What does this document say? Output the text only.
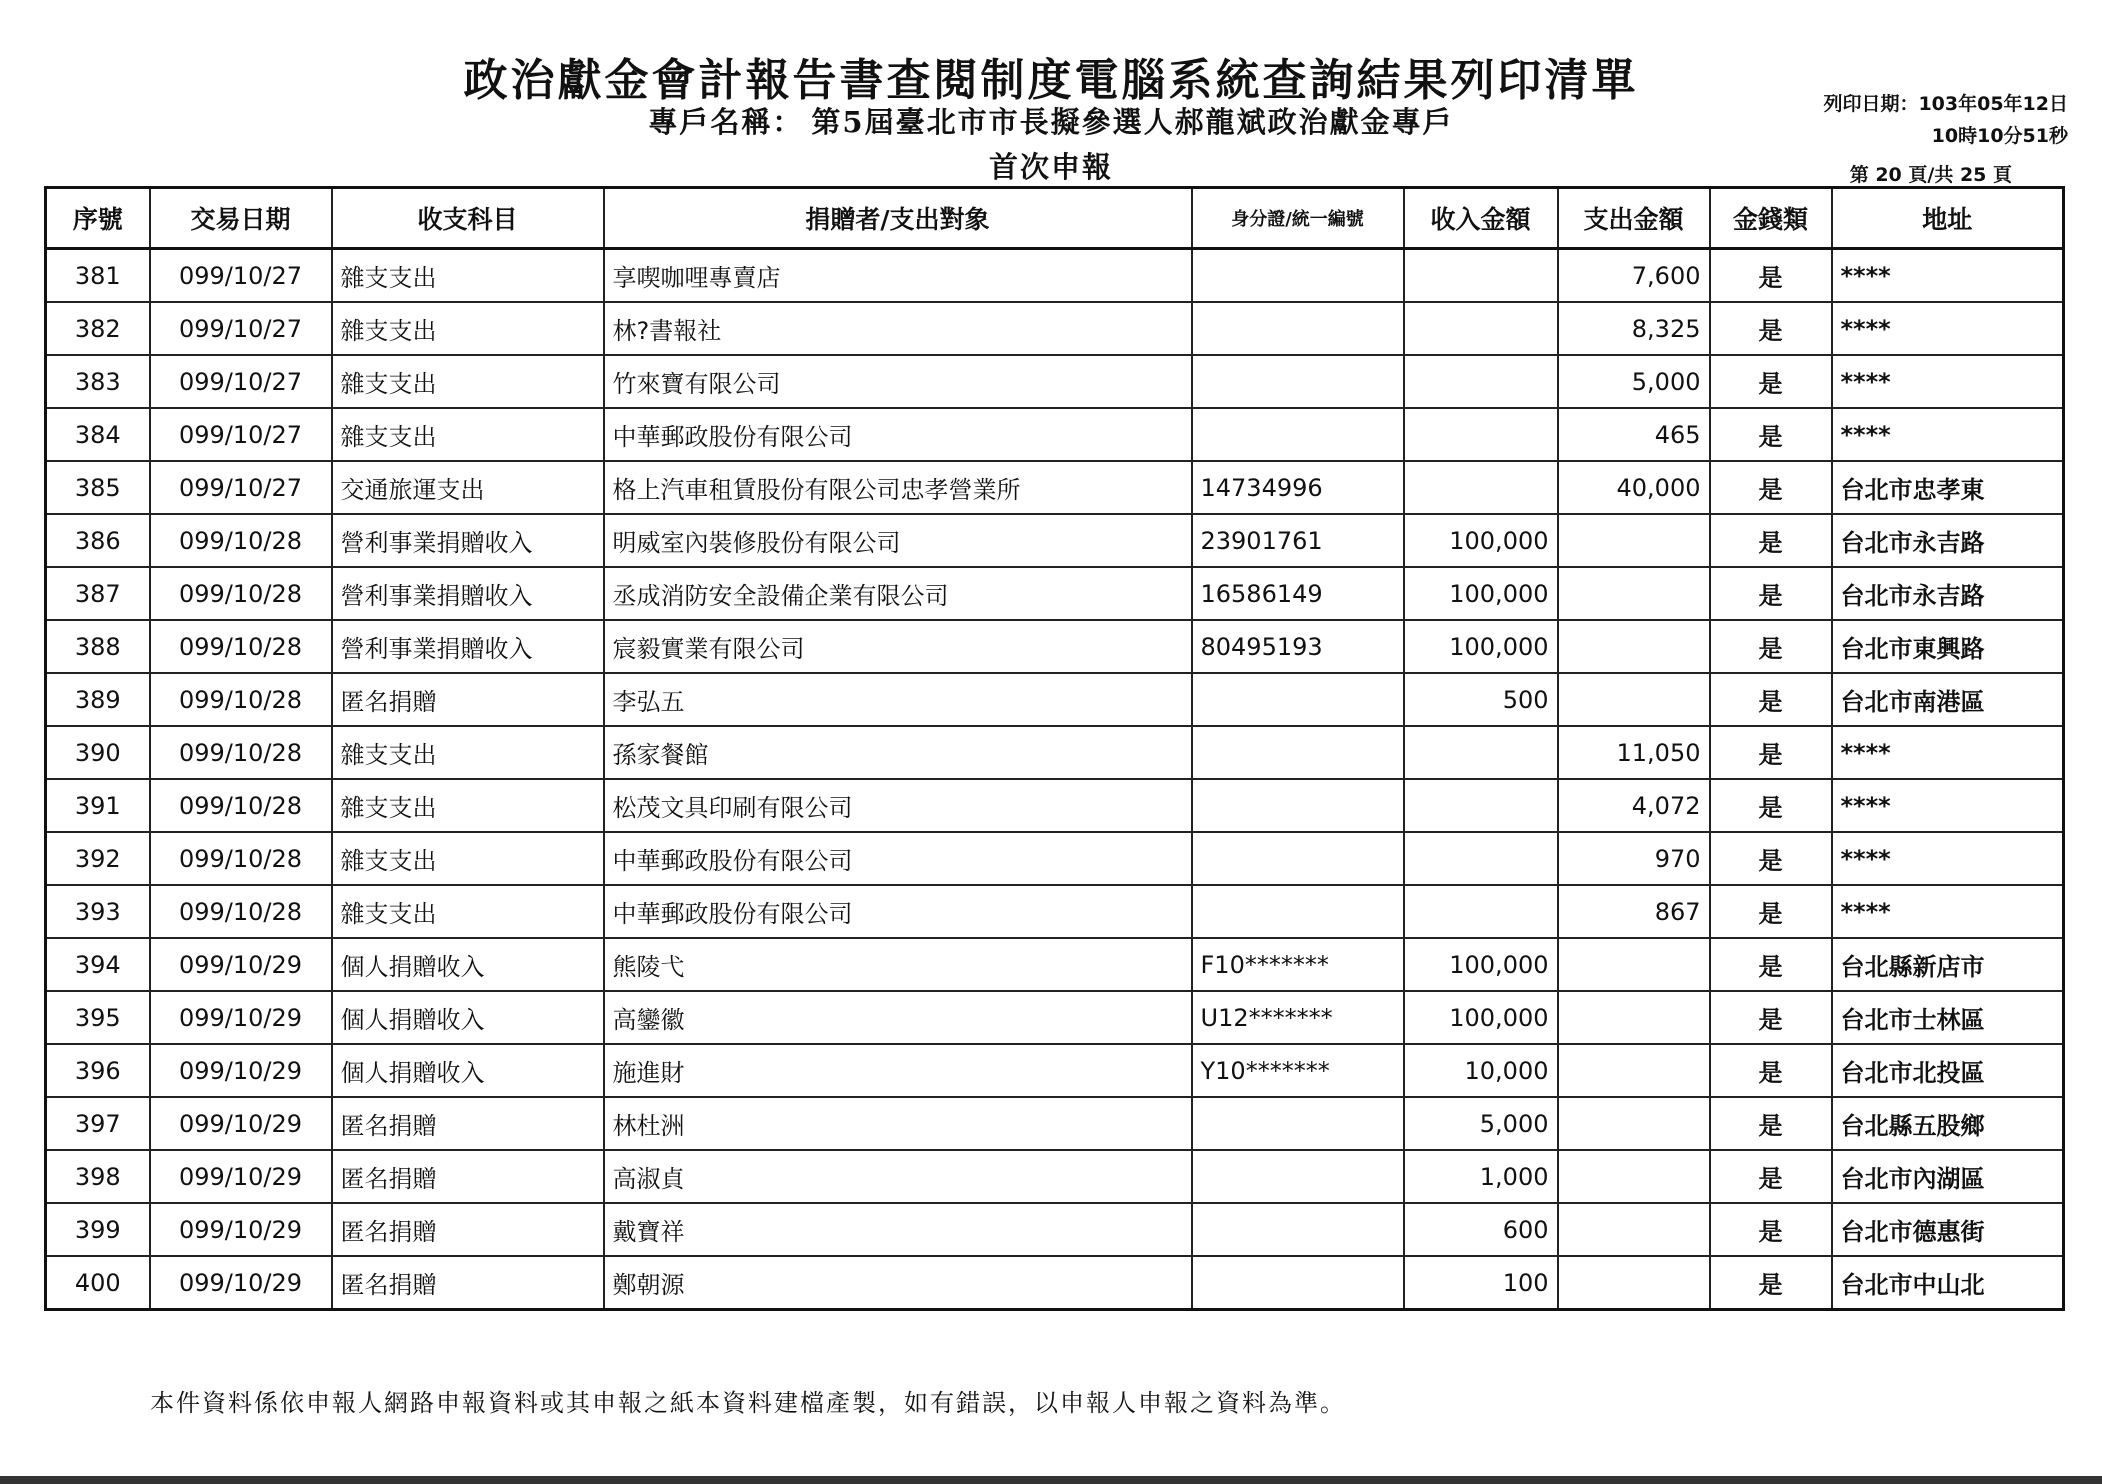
政治獻金會計報告書查閱制度電腦系統查詢結果列印清單
專戶名稱： 第5屆臺北市市長擬參選人郝龍斌政治獻金專戶
首次申報
列印日期：103年05年12日
10時10分51秒
第 20 頁/共 25 頁
序號	交易日期	收支科目	捐贈者/支出對象	身分證/統一編號	收入金額	支出金額	金錢類	地址
381	099/10/27	雜支支出	享喫咖哩專賣店			7,600	是	****
382	099/10/27	雜支支出	林?書報社			8,325	是	****
383	099/10/27	雜支支出	竹來寶有限公司			5,000	是	****
384	099/10/27	雜支支出	中華郵政股份有限公司			465	是	****
385	099/10/27	交通旅運支出	格上汽車租賃股份有限公司忠孝營業所	14734996		40,000	是	台北市忠孝東
386	099/10/28	營利事業捐贈收入	明威室內裝修股份有限公司	23901761	100,000		是	台北市永吉路
387	099/10/28	營利事業捐贈收入	丞成消防安全設備企業有限公司	16586149	100,000		是	台北市永吉路
388	099/10/28	營利事業捐贈收入	宸毅實業有限公司	80495193	100,000		是	台北市東興路
389	099/10/28	匿名捐贈	李弘五		500		是	台北市南港區
390	099/10/28	雜支支出	孫家餐館			11,050	是	****
391	099/10/28	雜支支出	松茂文具印刷有限公司			4,072	是	****
392	099/10/28	雜支支出	中華郵政股份有限公司			970	是	****
393	099/10/28	雜支支出	中華郵政股份有限公司			867	是	****
394	099/10/29	個人捐贈收入	熊陵弋	F10*******	100,000		是	台北縣新店市
395	099/10/29	個人捐贈收入	高鑾徽	U12*******	100,000		是	台北市士林區
396	099/10/29	個人捐贈收入	施進財	Y10*******	10,000		是	台北市北投區
397	099/10/29	匿名捐贈	林杜洲		5,000		是	台北縣五股鄉
398	099/10/29	匿名捐贈	高淑貞		1,000		是	台北市內湖區
399	099/10/29	匿名捐贈	戴寶祥		600		是	台北市德惠街
400	099/10/29	匿名捐贈	鄭朝源		100		是	台北市中山北
本件資料係依申報人網路申報資料或其申報之紙本資料建檔產製，如有錯誤，以申報人申報之資料為準。
